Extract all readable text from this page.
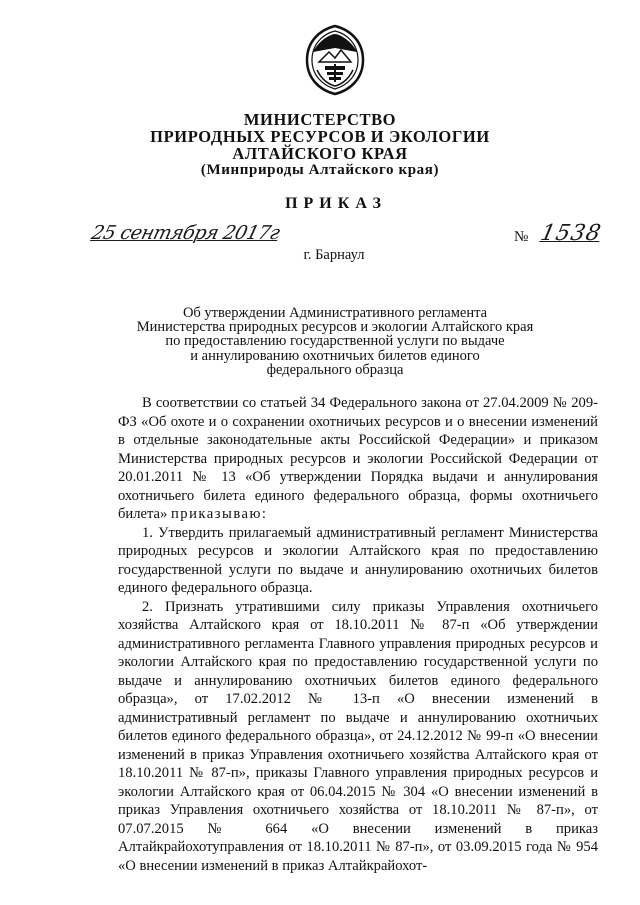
МИНИСТЕРСТВО
ПРИРОДНЫХ РЕСУРСОВ И ЭКОЛОГИИ
АЛТАЙСКОГО КРАЯ
(Минприроды Алтайского края)
ПРИКАЗ
25 сентября 2017г	№ 1538
г. Барнаул
Об утверждении Административного регламента
Министерства природных ресурсов и экологии Алтайского края
по предоставлению государственной услуги по выдаче
и аннулированию охотничьих билетов единого
федерального образца

В соответствии со статьей 34 Федерального закона от 27.04.2009 № 209-ФЗ «Об охоте и о сохранении охотничьих ресурсов и о внесении изменений в отдельные законодательные акты Российской Федерации» и приказом Министерства природных ресурсов и экологии Российской Федерации от 20.01.2011 № 13 «Об утверждении Порядка выдачи и аннулирования охотничьего билета единого федерального образца, формы охотничьего билета» приказываю:

1. Утвердить прилагаемый административный регламент Министерства природных ресурсов и экологии Алтайского края по предоставлению государственной услуги по выдаче и аннулированию охотничьих билетов единого федерального образца.

2. Признать утратившими силу приказы Управления охотничьего хозяйства Алтайского края от 18.10.2011 № 87-п «Об утверждении административного регламента Главного управления природных ресурсов и экологии Алтайского края по предоставлению государственной услуги по выдаче и аннулированию охотничьих билетов единого федерального образца», от 17.02.2012 № 13-п «О внесении изменений в административный регламент по выдаче и аннулированию охотничьих билетов единого федерального образца», от 24.12.2012 № 99-п «О внесении изменений в приказ Управления охотничьего хозяйства Алтайского края от 18.10.2011 № 87-п», приказы Главного управления природных ресурсов и экологии Алтайского края от 06.04.2015 № 304 «О внесении изменений в приказ Управления охотничьего хозяйства от 18.10.2011 № 87-п», от 07.07.2015 № 664 «О внесении изменений в приказ Алтайкрайохотуправления от 18.10.2011 № 87-п», от 03.09.2015 года № 954 «О внесении изменений в приказ Алтайкрайохот-
